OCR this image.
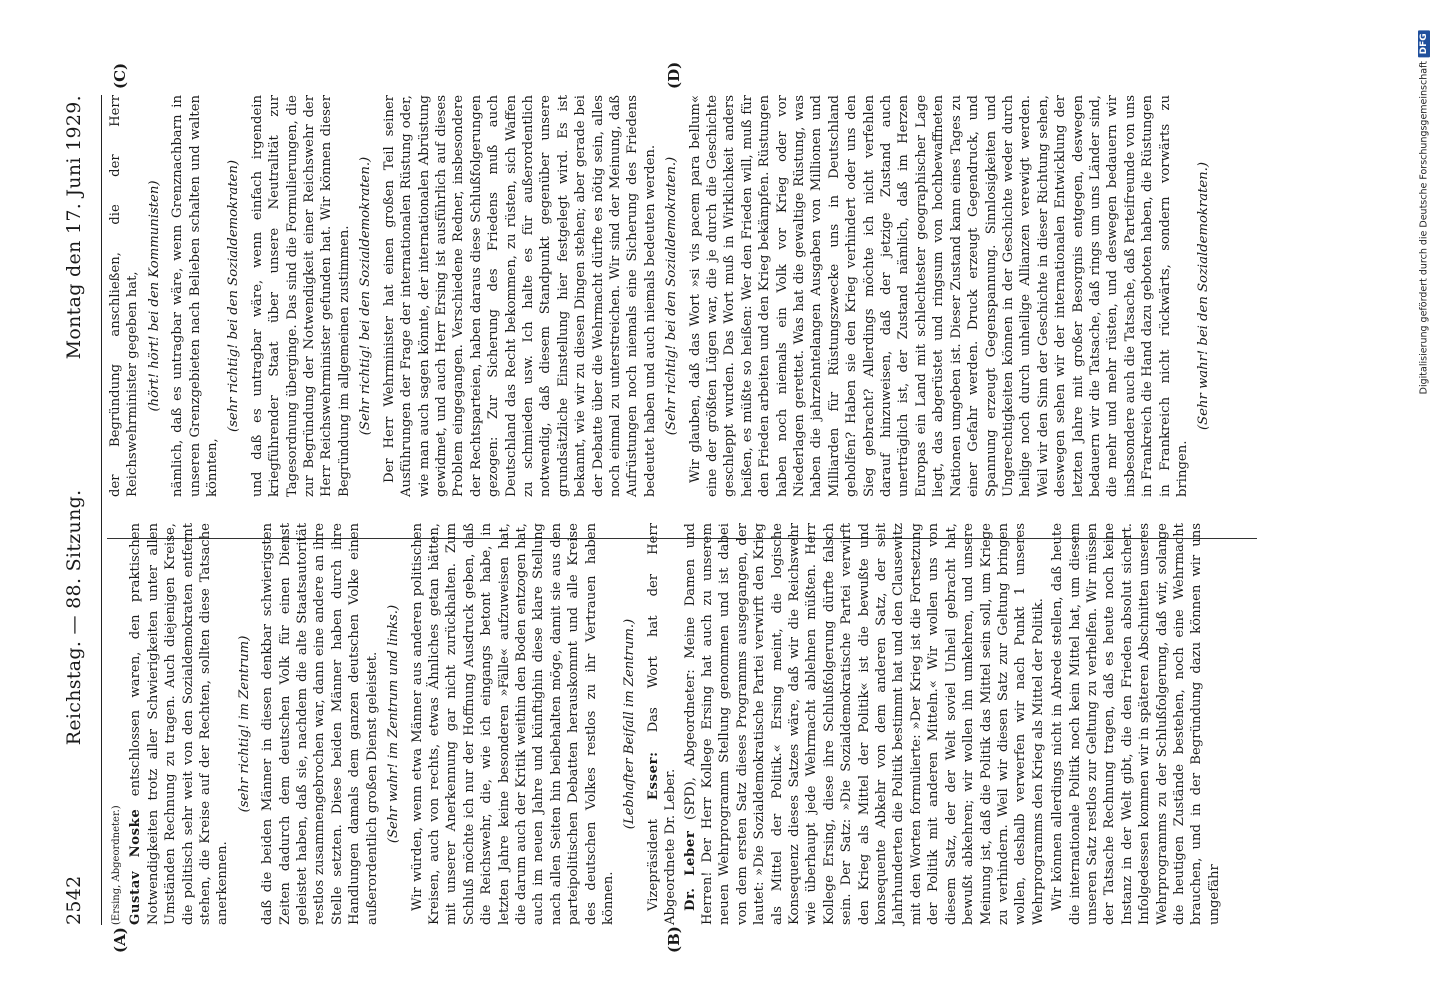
2542
Reichstag. — 88. Sitzung.
Montag den 17. Juni 1929.
(A)	(B)
(C)	(D)

(Ersing, Abgeordneter.) Gustav Noske entschlossen waren, den praktischen Notwendigkeiten trotz aller Schwierigkeiten unter allen Umständen Rechnung zu tragen. Auch diejenigen Kreise, die politisch sehr weit von den Sozialdemokraten entfernt stehen, die Kreise auf der Rechten, sollten diese Tatsache anerkennen.

(sehr richtig! im Zentrum) daß die beiden Männer in diesen denkbar schwierigsten Zeiten dadurch dem deutschen Volk für einen Dienst geleistet haben, daß sie, nachdem die alte Staatsautorität restlos zusammengebrochen war, dann eine andere an ihre Stelle setzten. Diese beiden Männer haben durch ihre Handlungen damals dem ganzen deutschen Volke einen außerordentlich großen Dienst geleistet. (Sehr wahr! im Zentrum und links.) Wir würden, wenn etwa Männer aus anderen politischen Kreisen, auch von rechts, etwas Ähnliches getan hätten, mit unserer Anerkennung gar nicht zurückhalten. Zum Schluß möchte ich nur der Hoffnung Ausdruck geben, daß die Reichswehr, die, wie ich eingangs betont habe, in letzten Jahre keine besonderen »Fälle« aufzuweisen hat, die darum auch der Kritik weithin den Boden entzogen hat, auch im neuen Jahre und künftighin diese klare Stellung nach allen Seiten hin beibehalten möge, damit sie aus den parteipolitischen Debatten herauskommt und alle Kreise des deutschen Volkes restlos zu ihr Vertrauen haben können.

(Lebhafter Beifall im Zentrum.)

Vizepräsident Esser: Das Wort hat der Herr Abgeordnete Dr. Leber. Dr. Leber (SPD), Abgeordneter: Meine Damen und Herren! Der Herr Kollege Ersing hat auch zu unserem neuen Wehrprogramm Stellung genommen und ist dabei von dem ersten Satz dieses Programms ausgegangen, der lautet: »Die Sozialdemokratische Partei verwirft den Krieg als Mittel der Politik.« Ersing meint, die logische Konsequenz dieses Satzes wäre, daß wir die Reichswehr wie überhaupt jede Wehrmacht ablehnen müßten. Herr Kollege Ersing, diese ihre Schlußfolgerung dürfte falsch sein. Der Satz: »Die Sozialdemokratische Partei verwirft den Krieg als Mittel der Politik« ist die bewußte und konsequente Abkehr von dem anderen Satz, der seit Jahrhunderten die Politik bestimmt hat und den Clausewitz mit den Worten formulierte: »Der Krieg ist die Fortsetzung der Politik mit anderen Mitteln.« Wir wollen uns von diesem Satz, der der Welt soviel Unheil gebracht hat, bewußt abkehren; wir wollen ihn umkehren, und unsere Meinung ist, daß die Politik das Mittel sein soll, um Kriege zu verhindern. Weil wir diesen Satz zur Geltung bringen wollen, deshalb verwerfen wir nach Punkt 1 unseres Wehrprogramms den Krieg als Mittel der Politik. Wir können allerdings nicht in Abrede stellen, daß heute die internationale Politik noch kein Mittel hat, um diesem unseren Satz restlos zur Geltung zu verhelfen. Wir müssen der Tatsache Rechnung tragen, daß es heute noch keine Instanz in der Welt gibt, die den Frieden absolut sichert. Infolgedessen kommen wir in späteren Abschnitten unseres Wehrprogramms zu der Schlußfolgerung, daß wir, solange die heutigen Zustände bestehen, noch eine Wehrmacht brauchen, und in der Begründung dazu können wir uns ungefähr

der Begründung anschließen, die der Herr Reichswehrminister gegeben hat, (hört! hört! bei den Kommunisten) nämlich, daß es untragbar wäre, wenn Grenznachbarn in unseren Grenzgebieten nach Belieben schalten und walten könnten,

(sehr richtig! bei den Sozialdemokraten) und daß es untragbar wäre, wenn einfach irgendein kriegführender Staat über unsere Neutralität zur Tagesordnung überginge. Das sind die Formulierungen, die zur Begründung der Notwendigkeit einer Reichswehr der Herr Reichswehrminister gefunden hat. Wir können dieser Begründung im allgemeinen zustimmen. (Sehr richtig! bei den Sozialdemokraten.) Der Herr Wehrminister hat einen großen Teil seiner Ausführungen der Frage der internationalen Rüstung oder, wie man auch sagen könnte, der internationalen Abrüstung gewidmet, und auch Herr Ersing ist ausführlich auf dieses Problem eingegangen. Verschiedene Redner, insbesondere der Rechtsparteien, haben daraus diese Schlußfolgerungen gezogen: Zur Sicherung des Friedens muß auch Deutschland das Recht bekommen, zu rüsten, sich Waffen zu schmieden usw. Ich halte es für außerordentlich notwendig, daß diesem Standpunkt gegenüber unsere grundsätzliche Einstellung hier festgelegt wird. Es ist bekannt, wie wir zu diesen Dingen stehen; aber gerade bei der Debatte über die Wehrmacht dürfte es nötig sein, alles noch einmal zu unterstreichen. Wir sind der Meinung, daß Aufrüstungen noch niemals eine Sicherung des Friedens bedeutet haben und auch niemals bedeuten werden. (Sehr richtig! bei den Sozialdemokraten.) Wir glauben, daß das Wort »si vis pacem para bellum« eine der größten Lügen war, die je durch die Geschichte geschleppt wurden. Das Wort muß in Wirklichkeit anders heißen, es müßte so heißen: Wer den Frieden will, muß für den Frieden arbeiten und den Krieg bekämpfen. Rüstungen haben noch niemals ein Volk vor Krieg oder vor Niederlagen gerettet. Was hat die gewaltige Rüstung, was haben die jahrzehntelangen Ausgaben von Millionen und Milliarden für Rüstungszwecke uns in Deutschland geholfen? Haben sie den Krieg verhindert oder uns den Sieg gebracht? Allerdings möchte ich nicht verfehlen darauf hinzuweisen, daß der jetzige Zustand auch unerträglich ist, der Zustand nämlich, daß im Herzen Europas ein Land mit schlechtester geographischer Lage liegt, das abgerüstet und ringsum von hochbewaffneten Nationen umgeben ist. Dieser Zustand kann eines Tages zu einer Gefahr werden. Druck erzeugt Gegendruck, und Spannung erzeugt Gegenspannung. Sinnlosigkeiten und Ungerechtigkeiten können in der Geschichte weder durch heilige noch durch unheilige Allianzen verewigt werden. Weil wir den Sinn der Geschichte in dieser Richtung sehen, deswegen sehen wir der internationalen Entwicklung der letzten Jahre mit großer Besorgnis entgegen, deswegen bedauern wir die Tatsache, daß rings um uns Länder sind, die mehr und mehr rüsten, und deswegen bedauern wir insbesondere auch die Tatsache, daß Parteifreunde von uns in Frankreich die Hand dazu geboten haben, die Rüstungen in Frankreich nicht rückwärts, sondern vorwärts zu bringen.

(Sehr wahr! bei den Sozialdemokraten.)	Digitalisierung gefördert durch die Deutsche Forschungsgemeinschaft
DFG
